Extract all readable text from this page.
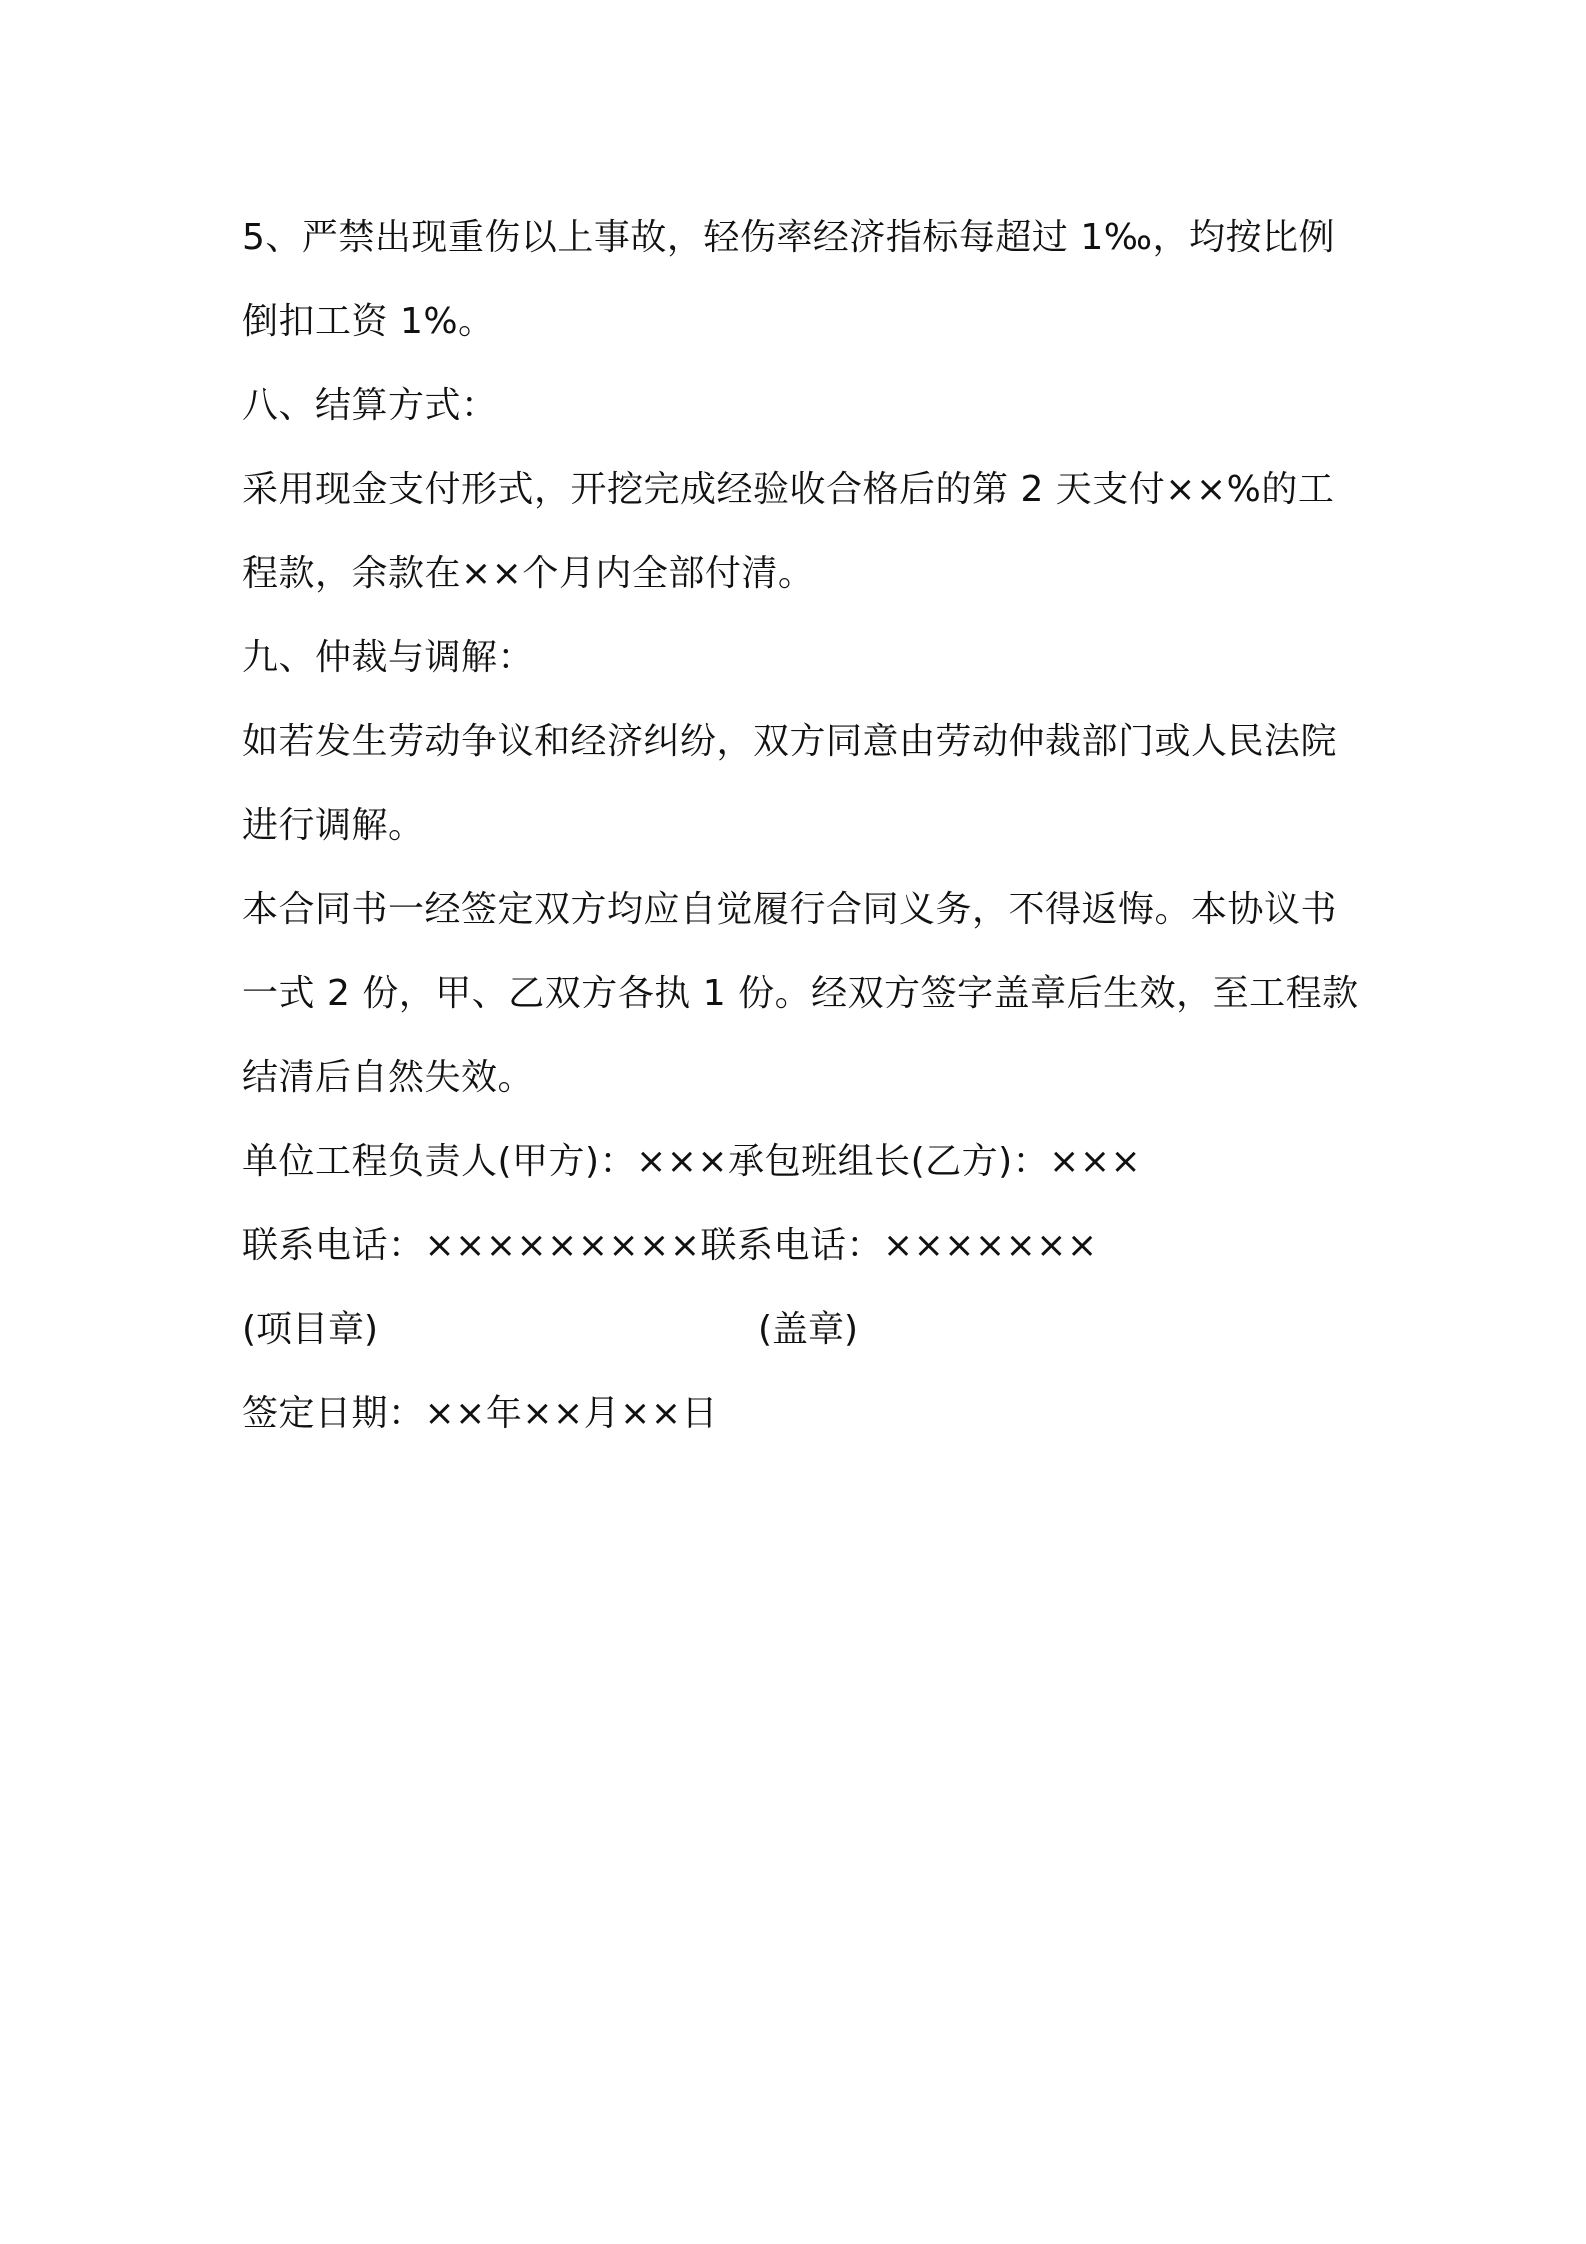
5、严禁出现重伤以上事故，轻伤率经济指标每超过 1‰，均按比例
倒扣工资 1%。
八、结算方式：
采用现金支付形式，开挖完成经验收合格后的第 2 天支付××%的工
程款，余款在××个月内全部付清。
九、仲裁与调解：
如若发生劳动争议和经济纠纷，双方同意由劳动仲裁部门或人民法院
进行调解。
本合同书一经签定双方均应自觉履行合同义务，不得返悔。本协议书
一式 2 份，甲、乙双方各执 1 份。经双方签字盖章后生效，至工程款
结清后自然失效。
单位工程负责人(甲方)：×××承包班组长(乙方)：×××
联系电话：×××××××××联系电话：×××××××
(项目章)	(盖章)
签定日期：××年××月××日
